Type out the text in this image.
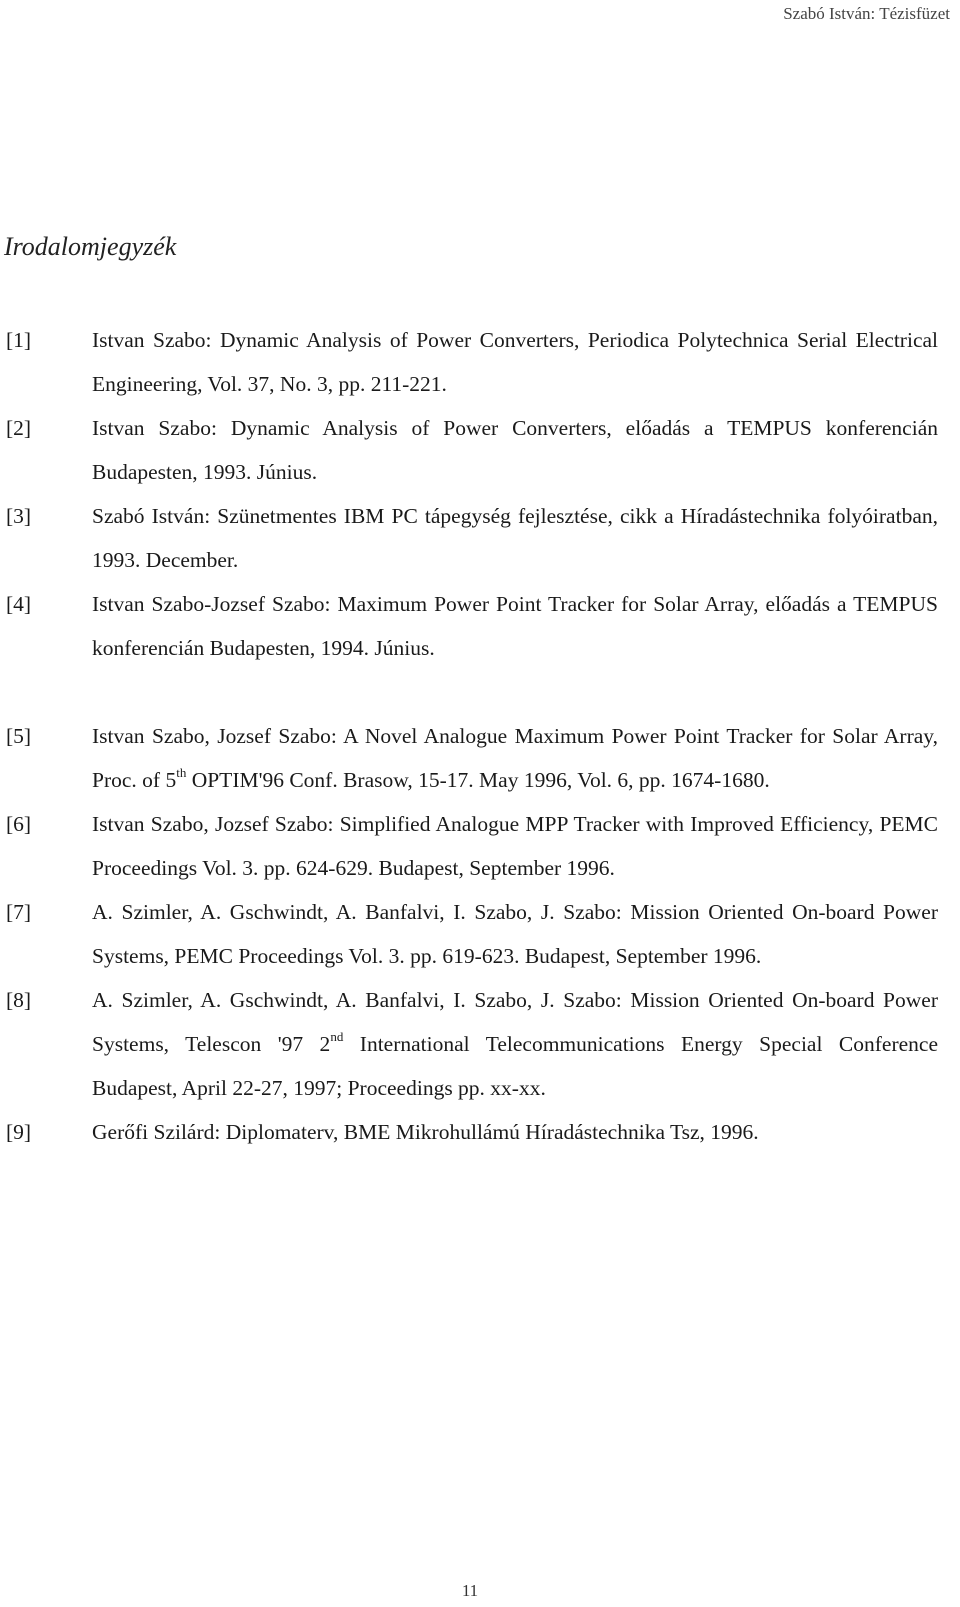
Szabó István: Tézisfüzet
Irodalomjegyzék
[1]	Istvan Szabo: Dynamic Analysis of Power Converters, Periodica Polytechnica Serial Electrical Engineering, Vol. 37, No. 3, pp. 211-221.
[2]	Istvan Szabo: Dynamic Analysis of Power Converters, előadás a TEMPUS konferencián Budapesten, 1993. Június.
[3]	Szabó István: Szünetmentes IBM PC tápegység fejlesztése, cikk a Híradástechnika folyóiratban, 1993. December.
[4]	Istvan Szabo-Jozsef Szabo: Maximum Power Point Tracker for Solar Array, előadás a TEMPUS konferencián Budapesten, 1994. Június.
[5]	Istvan Szabo, Jozsef Szabo: A Novel Analogue Maximum Power Point Tracker for Solar Array, Proc. of 5th OPTIM'96 Conf. Brasow, 15-17. May 1996, Vol. 6, pp. 1674-1680.
[6]	Istvan Szabo, Jozsef Szabo: Simplified Analogue MPP Tracker with Improved Efficiency, PEMC Proceedings Vol. 3. pp. 624-629. Budapest, September 1996.
[7]	A. Szimler, A. Gschwindt, A. Banfalvi, I. Szabo, J. Szabo: Mission Oriented On-board Power Systems, PEMC Proceedings Vol. 3. pp. 619-623. Budapest, September 1996.
[8]	A. Szimler, A. Gschwindt, A. Banfalvi, I. Szabo, J. Szabo: Mission Oriented On-board Power Systems, Telescon '97 2nd International Telecommunications Energy Special Conference Budapest, April 22-27, 1997; Proceedings pp. xx-xx.
[9]	Gerőfi Szilárd: Diplomaterv, BME Mikrohullámú Híradástechnika Tsz, 1996.
11
